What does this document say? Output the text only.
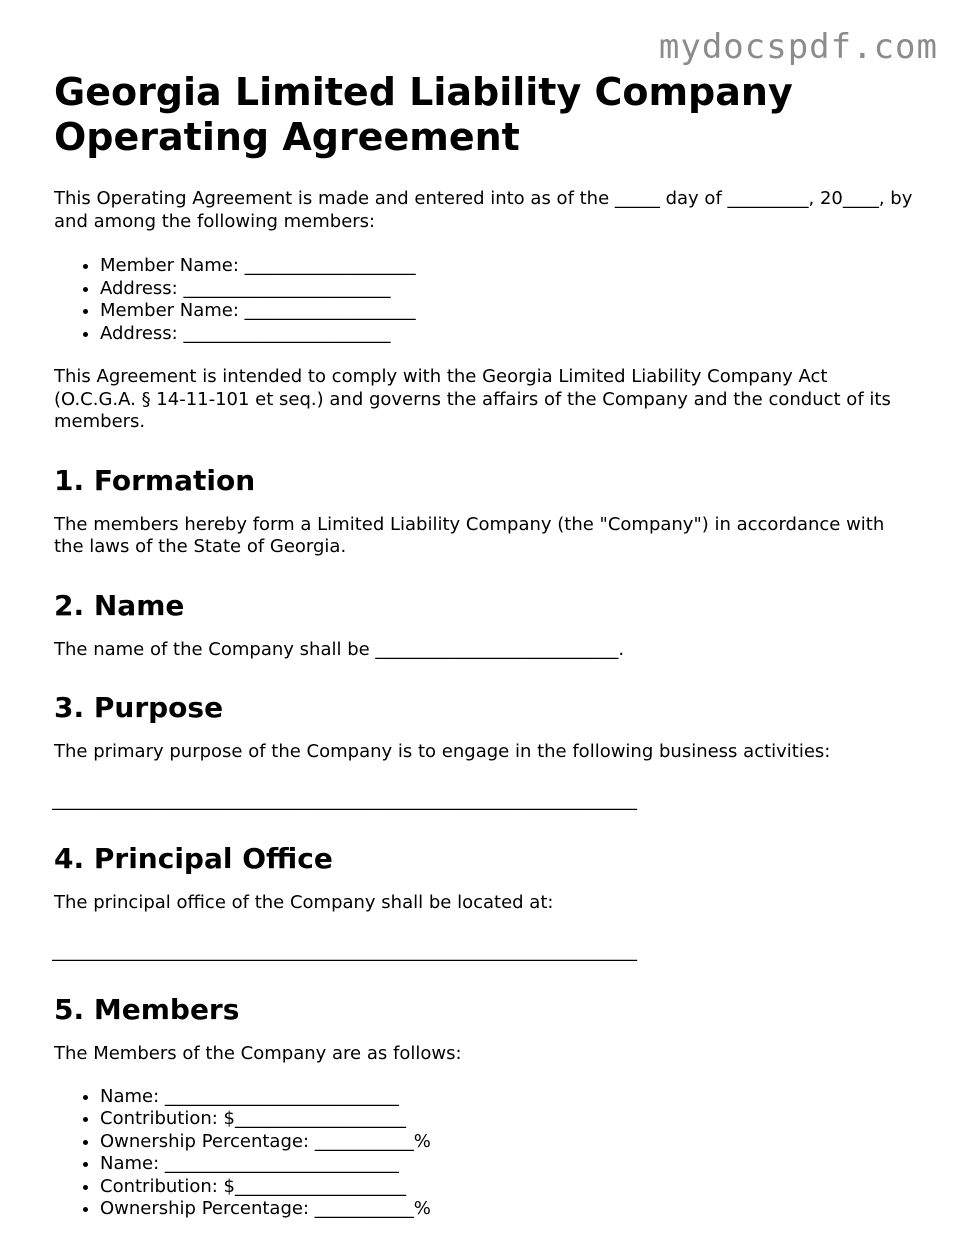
mydocspdf.com
Georgia Limited Liability Company Operating Agreement

This Operating Agreement is made and entered into as of the _____ day of _________, 20____, by and among the following members:

• Member Name: ___________________
• Address: _______________________
• Member Name: ___________________
• Address: _______________________

This Agreement is intended to comply with the Georgia Limited Liability Company Act (O.C.G.A. § 14-11-101 et seq.) and governs the affairs of the Company and the conduct of its members.

1. Formation

The members hereby form a Limited Liability Company (the "Company") in accordance with the laws of the State of Georgia.

2. Name

The name of the Company shall be ___________________________.

3. Purpose

The primary purpose of the Company is to engage in the following business activities:

_________________________________________________________________
4. Principal Office

The principal office of the Company shall be located at:

_________________________________________________________________
5. Members

The Members of the Company are as follows:

• Name: __________________________
• Contribution: $___________________
• Ownership Percentage: ___________%
• Name: __________________________
• Contribution: $___________________
• Ownership Percentage: ___________%
